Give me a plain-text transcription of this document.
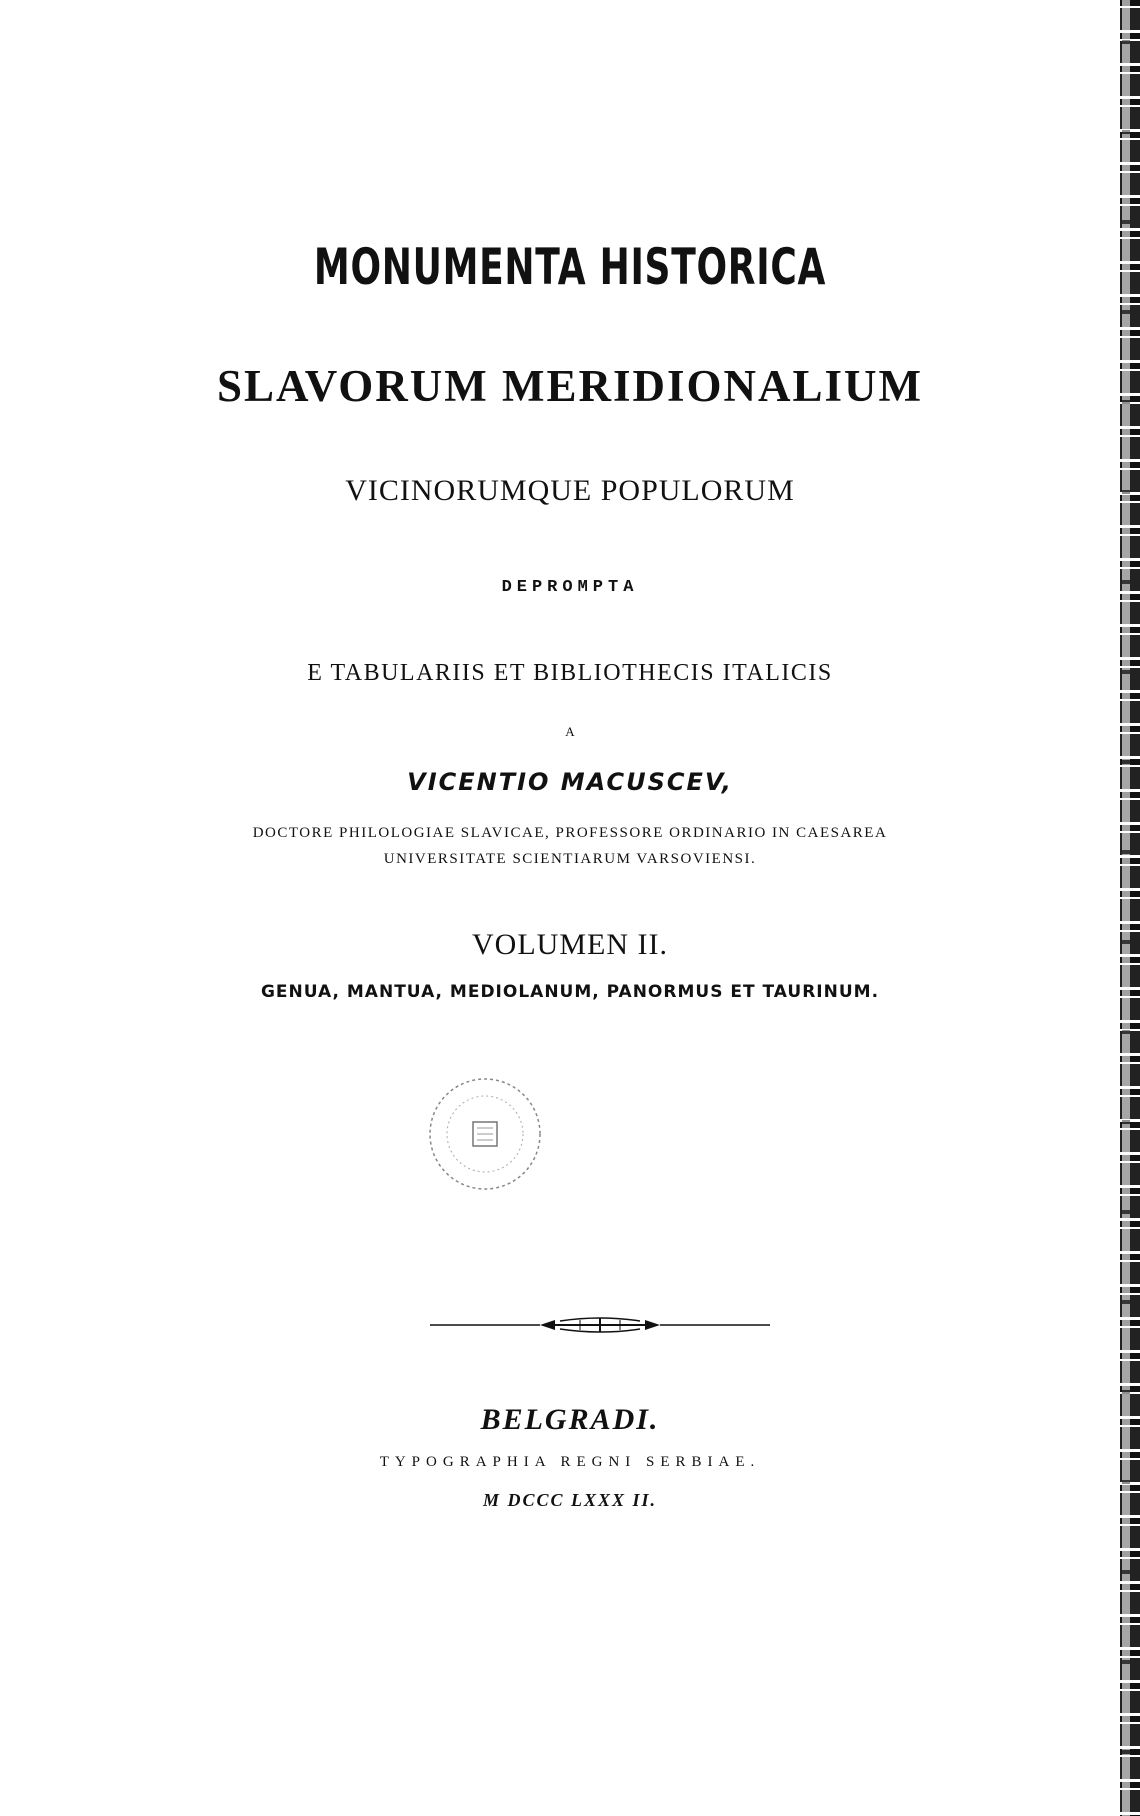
MONUMENTA HISTORICA
SLAVORUM MERIDIONALIUM
VICINORUMQUE POPULORUM
DEPROMPTA
E TABULARIIS ET BIBLIOTHECIS ITALICIS
A
VICENTIO MACUSCEV,
DOCTORE PHILOLOGIAE SLAVICAE, PROFESSORE ORDINARIO IN CAESAREA
UNIVERSITATE SCIENTIARUM VARSOVIENSI.
VOLUMEN II.
GENUA, MANTUA, MEDIOLANUM, PANORMUS ET TAURINUM.
BELGRADI.
TYPOGRAPHIA REGNI SERBIAE.
M DCCC LXXX II.
